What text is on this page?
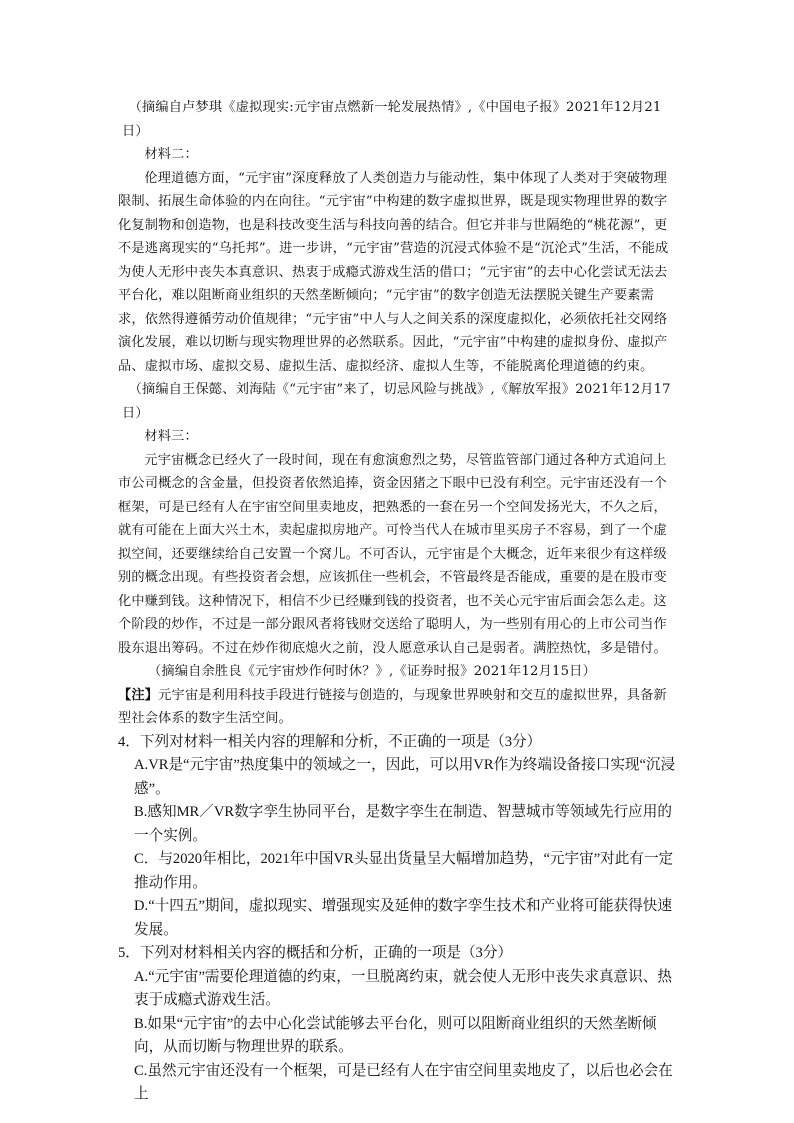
（摘编自卢梦琪《虚拟现实:元宇宙点燃新一轮发展热情》,《中国电子报》2021年12月21日）

材料二：

伦理道德方面，“元宇宙”深度释放了人类创造力与能动性，集中体现了人类对于突破物理限制、拓展生命体验的内在向往。“元宇宙”中构建的数字虚拟世界，既是现实物理世界的数字化复制物和创造物，也是科技改变生活与科技向善的结合。但它并非与世隔绝的“桃花源”，更不是逃离现实的“乌托邦”。进一步讲，“元宇宙”营造的沉浸式体验不是“沉沦式”生活，不能成为使人无形中丧失本真意识、热衷于成瘾式游戏生活的借口；“元宇宙”的去中心化尝试无法去平台化，难以阻断商业组织的天然垄断倾向；“元宇宙”的数字创造无法摆脱关键生产要素需求，依然得遵循劳动价值规律；“元宇宙”中人与人之间关系的深度虚拟化，必须依托社交网络演化发展，难以切断与现实物理世界的必然联系。因此，“元宇宙”中构建的虚拟身份、虚拟产品、虚拟市场、虚拟交易、虚拟生活、虚拟经济、虚拟人生等，不能脱离伦理道德的约束。

（摘编自王保懿、刘海陆《“元宇宙”来了，切忌风险与挑战》,《解放军报》2021年12月17日）

材料三：

元宇宙概念已经火了一段时间，现在有愈演愈烈之势，尽管监管部门通过各种方式追问上市公司概念的含金量，但投资者依然追捧，资金因猪之下眼中已没有利空。元宇宙还没有一个框架，可是已经有人在宇宙空间里卖地皮，把熟悉的一套在另一个空间发扬光大，不久之后，就有可能在上面大兴土木，卖起虚拟房地产。可怜当代人在城市里买房子不容易，到了一个虚拟空间，还要继续给自己安置一个窝儿。不可否认，元宇宙是个大概念，近年来很少有这样级别的概念出现。有些投资者会想，应该抓住一些机会，不管最终是否能成，重要的是在股市变化中赚到钱。这种情况下，相信不少已经赚到钱的投资者，也不关心元宇宙后面会怎么走。这个阶段的炒作，不过是一部分跟风者将钱财交送给了聪明人，为一些别有用心的上市公司当作股东退出筹码。不过在炒作彻底熄火之前，没人愿意承认自己是弱者。满腔热忱，多是错付。

（摘编自余胜良《元宇宙炒作何时休？》,《证券时报》2021年12月15日）

【注】元宇宙是利用科技手段进行链接与创造的，与现象世界映射和交互的虚拟世界，具备新型社会体系的数字生活空间。

4．下列对材料一相关内容的理解和分析，不正确的一项是（3分）

A.VR是“元宇宙”热度集中的领域之一，因此，可以用VR作为终端设备接口实现“沉浸感”。

B.感知MR／VR数字孪生协同平台，是数字孪生在制造、智慧城市等领域先行应用的一个实例。

C．与2020年相比，2021年中国VR头显出货量呈大幅增加趋势，“元宇宙”对此有一定推动作用。

D.“十四五”期间，虚拟现实、增强现实及延伸的数字孪生技术和产业将可能获得快速发展。

5．下列对材料相关内容的概括和分析，正确的一项是（3分）

A.“元宇宙”需要伦理道德的约束，一旦脱离约束，就会使人无形中丧失求真意识、热衷于成瘾式游戏生活。

B.如果“元宇宙”的去中心化尝试能够去平台化，则可以阻断商业组织的天然垄断倾向，从而切断与物理世界的联系。

C.虽然元宇宙还没有一个框架，可是已经有人在宇宙空间里卖地皮了，以后也必会在上
